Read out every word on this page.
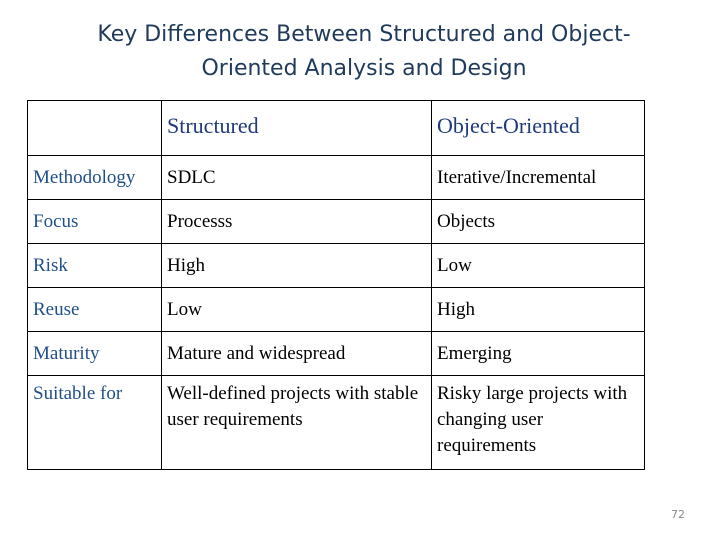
Key Differences Between Structured and Object-
Oriented Analysis and Design
	Structured	Object-Oriented
Methodology	SDLC	Iterative/Incremental
Focus	Processs	Objects
Risk	High	Low
Reuse	Low	High
Maturity	Mature and widespread	Emerging
Suitable for	Well-defined projects with stable user requirements	Risky large projects with changing user requirements
72
